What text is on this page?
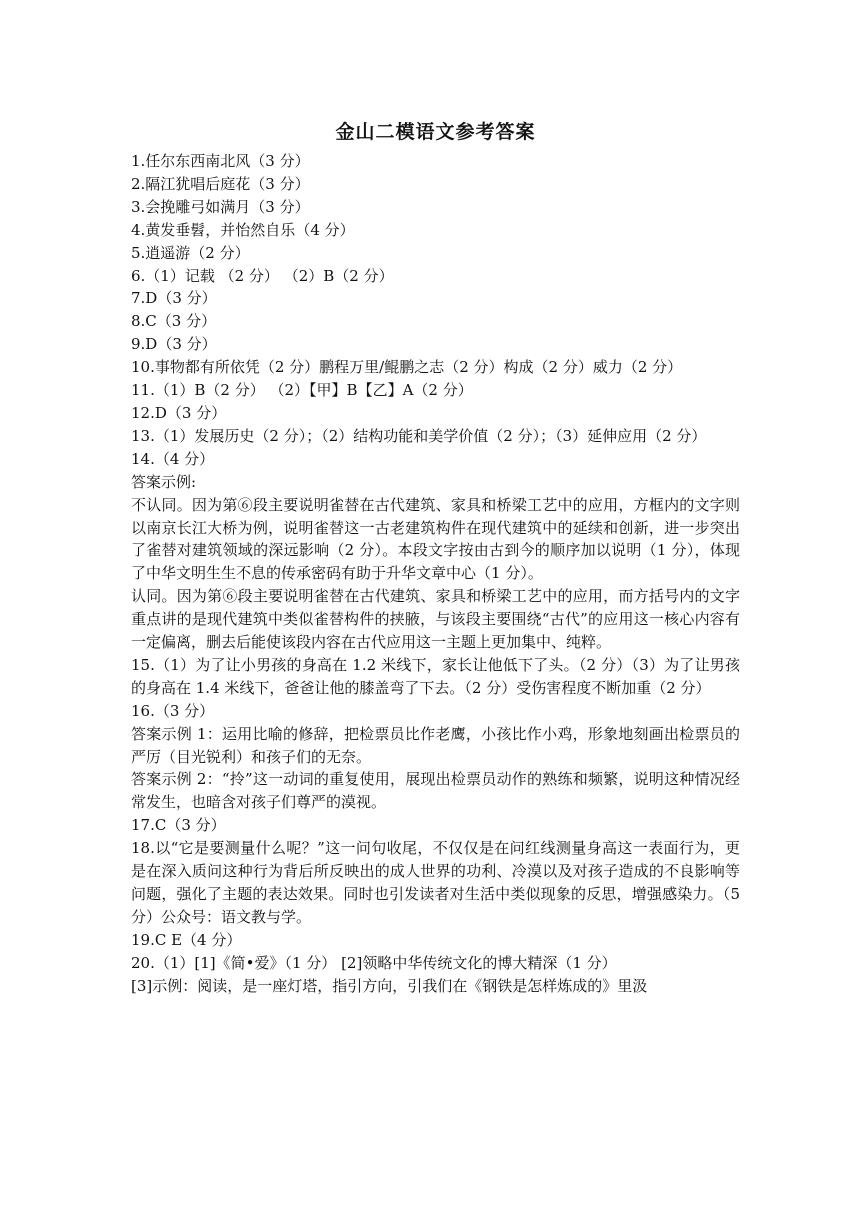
金山二模语文参考答案
1.任尔东西南北风（3 分）
2.隔江犹唱后庭花（3 分）
3.会挽雕弓如满月（3 分）
4.黄发垂髫，并怡然自乐（4 分）
5.逍遥游（2 分）
6.（1）记载 （2 分） （2）B（2 分）
7.D（3 分）
8.C（3 分）
9.D（3 分）
10.事物都有所依凭（2 分）鹏程万里/鲲鹏之志（2 分）构成（2 分）威力（2 分）
11.（1）B（2 分） （2）【甲】B【乙】A（2 分）
12.D（3 分）
13.（1）发展历史（2 分）；（2）结构功能和美学价值（2 分）；（3）延伸应用（2 分）
14.（4 分）
答案示例:
不认同。因为第⑥段主要说明雀替在古代建筑、家具和桥梁工艺中的应用，方框内的文字则以南京长江大桥为例，说明雀替这一古老建筑构件在现代建筑中的延续和创新，进一步突出了雀替对建筑领域的深远影响（2 分）。本段文字按由古到今的顺序加以说明（1 分），体现了中华文明生生不息的传承密码有助于升华文章中心（1 分）。
认同。因为第⑥段主要说明雀替在古代建筑、家具和桥梁工艺中的应用，而方括号内的文字重点讲的是现代建筑中类似雀替构件的挟腋，与该段主要围绕“古代”的应用这一核心内容有一定偏离，删去后能使该段内容在古代应用这一主题上更加集中、纯粹。
15.（1）为了让小男孩的身高在 1.2 米线下，家长让他低下了头。（2 分）（3）为了让男孩的身高在 1.4 米线下，爸爸让他的膝盖弯了下去。（2 分）受伤害程度不断加重（2 分）
16.（3 分）
答案示例 1：运用比喻的修辞，把检票员比作老鹰，小孩比作小鸡，形象地刻画出检票员的严厉（目光锐利）和孩子们的无奈。
答案示例 2：“拎”这一动词的重复使用，展现出检票员动作的熟练和频繁，说明这种情况经常发生，也暗含对孩子们尊严的漠视。
17.C（3 分）
18.以“它是要测量什么呢？”这一问句收尾，不仅仅是在问红线测量身高这一表面行为，更是在深入质问这种行为背后所反映出的成人世界的功利、冷漠以及对孩子造成的不良影响等问题，强化了主题的表达效果。同时也引发读者对生活中类似现象的反思，增强感染力。（5 分）公众号：语文教与学。
19.C E（4 分）
20.（1）[1]《简•爱》（1 分） [2]领略中华传统文化的博大精深（1 分）
[3]示例：阅读，是一座灯塔，指引方向，引我们在《钢铁是怎样炼成的》里汲
